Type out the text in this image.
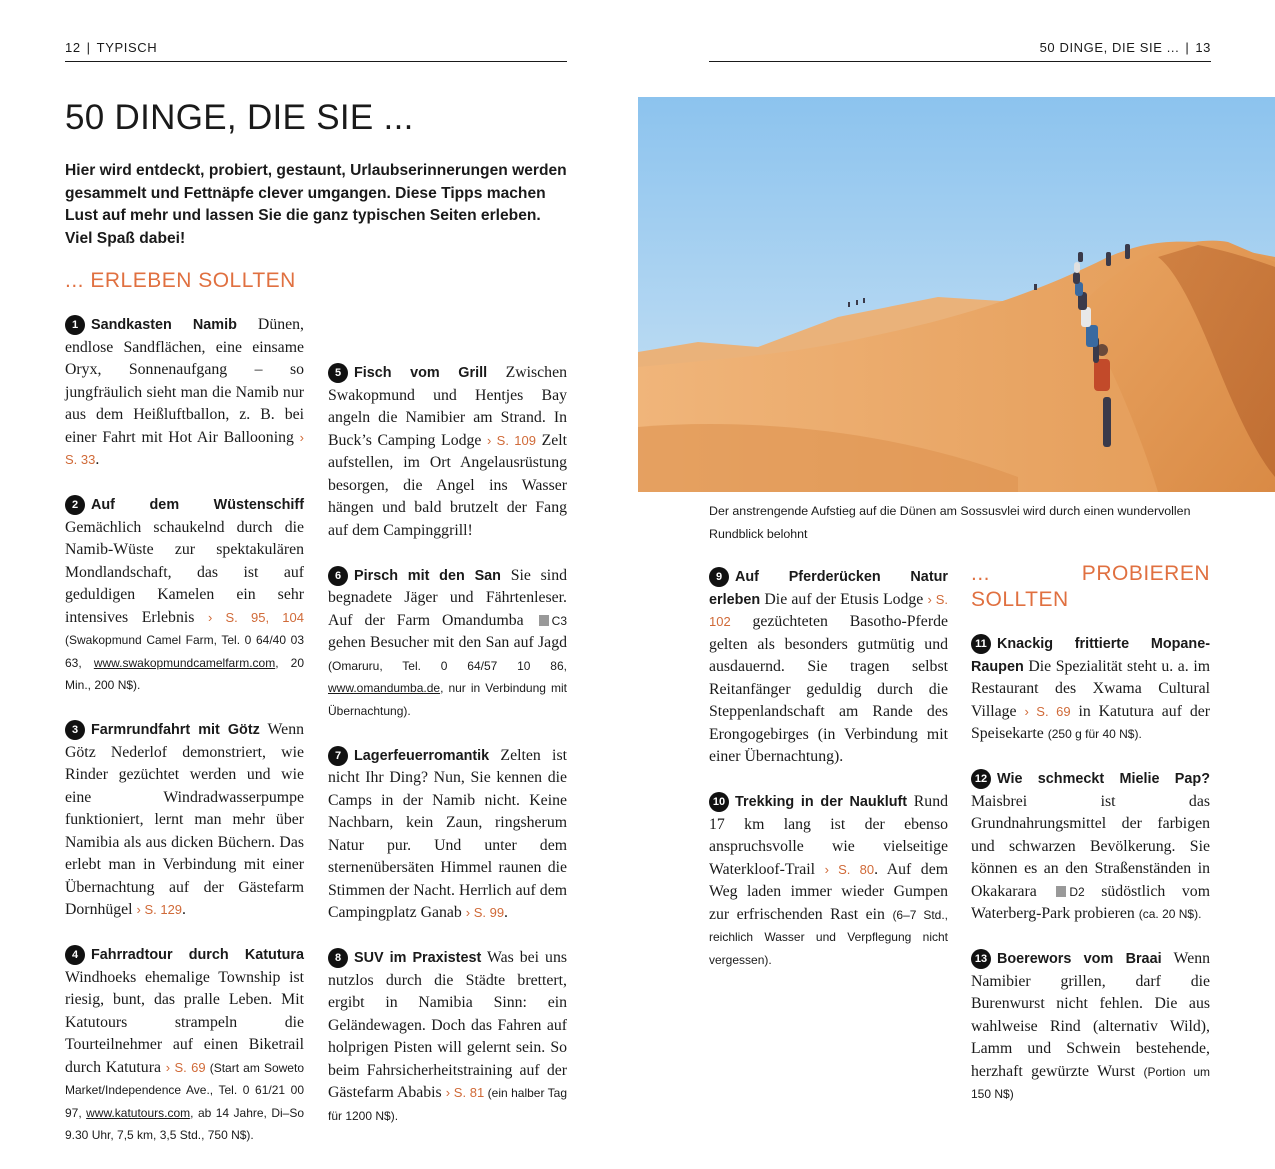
12 | TYPISCH	50 DINGE, DIE SIE ... | 13
50 DINGE, DIE SIE ...
Hier wird entdeckt, probiert, gestaunt, Urlaubserinnerungen werden gesammelt und Fettnäpfe clever umgangen. Diese Tipps machen Lust auf mehr und lassen Sie die ganz typischen Seiten erleben. Viel Spaß dabei!
Der anstrengende Aufstieg auf die Dünen am Sossusvlei wird durch einen wundervollen Rundblick belohnt
... ERLEBEN SOLLTEN

1 Sandkasten Namib Dünen, endlose Sandflächen, eine einsame Oryx, Sonnenaufgang – so jungfräulich sieht man die Namib nur aus dem Heißluftballon, z. B. bei einer Fahrt mit Hot Air Ballooning › S. 33.

2 Auf dem Wüstenschiff Gemächlich schaukelnd durch die Namib-Wüste zur spektakulären Mondlandschaft, das ist auf geduldigen Kamelen ein sehr intensives Erlebnis › S. 95, 104 (Swakopmund Camel Farm, Tel. 0 64/40 03 63, www.swakopmundcamelfarm.com, 20 Min., 200 N$).

3 Farmrundfahrt mit Götz Wenn Götz Nederlof demonstriert, wie Rinder gezüchtet werden und wie eine Windradwasserpumpe funktioniert, lernt man mehr über Namibia als aus dicken Büchern. Das erlebt man in Verbindung mit einer Übernachtung auf der Gästefarm Dornhügel › S. 129.

4 Fahrradtour durch Katutura Windhoeks ehemalige Township ist riesig, bunt, das pralle Leben. Mit Katutours strampeln die Tourteilnehmer auf einen Biketrail durch Katutura › S. 69 (Start am Soweto Market/Independence Ave., Tel. 0 61/21 00 97, www.katutours.com, ab 14 Jahre, Di–So 9.30 Uhr, 7,5 km, 3,5 Std., 750 N$).

5 Fisch vom Grill Zwischen Swakopmund und Hentjes Bay angeln die Namibier am Strand. In Buck’s Camping Lodge › S. 109 Zelt aufstellen, im Ort Angelausrüstung besorgen, die Angel ins Wasser hängen und bald brutzelt der Fang auf dem Campinggrill!

6 Pirsch mit den San Sie sind begnadete Jäger und Fährtenleser. Auf der Farm Omandumba C3 gehen Besucher mit den San auf Jagd (Omaruru, Tel. 0 64/57 10 86, www.omandumba.de, nur in Verbindung mit Übernachtung).

7 Lagerfeuerromantik Zelten ist nicht Ihr Ding? Nun, Sie kennen die Camps in der Namib nicht. Keine Nachbarn, kein Zaun, ringsherum Natur pur. Und unter dem sternenübersäten Himmel raunen die Stimmen der Nacht. Herrlich auf dem Campingplatz Ganab › S. 99.

8 SUV im Praxistest Was bei uns nutzlos durch die Städte brettert, ergibt in Namibia Sinn: ein Geländewagen. Doch das Fahren auf holprigen Pisten will gelernt sein. So beim Fahrsicherheitstraining auf der Gästefarm Ababis › S. 81 (ein halber Tag für 1200 N$).

9 Auf Pferderücken Natur erleben Die auf der Etusis Lodge › S. 102 gezüchteten Basotho-Pferde gelten als besonders gutmütig und ausdauernd. Sie tragen selbst Reitanfänger geduldig durch die Steppenlandschaft am Rande des Erongogebirges (in Verbindung mit einer Übernachtung).

10 Trekking in der Naukluft Rund 17 km lang ist der ebenso anspruchsvolle wie vielseitige Waterkloof-Trail › S. 80. Auf dem Weg laden immer wieder Gumpen zur erfrischenden Rast ein (6–7 Std., reichlich Wasser und Verpflegung nicht vergessen).

... PROBIEREN SOLLTEN

11 Knackig frittierte Mopane-Raupen Die Spezialität steht u. a. im Restaurant des Xwama Cultural Village › S. 69 in Katutura auf der Speisekarte (250 g für 40 N$).

12 Wie schmeckt Mielie Pap? Maisbrei ist das Grundnahrungsmittel der farbigen und schwarzen Bevölkerung. Sie können es an den Straßenständen in Okakarara D2 südöstlich vom Waterberg-Park probieren (ca. 20 N$).

13 Boerewors vom Braai Wenn Namibier grillen, darf die Burenwurst nicht fehlen. Die aus wahlweise Rind (alternativ Wild), Lamm und Schwein bestehende, herzhaft gewürzte Wurst (Portion um 150 N$)
